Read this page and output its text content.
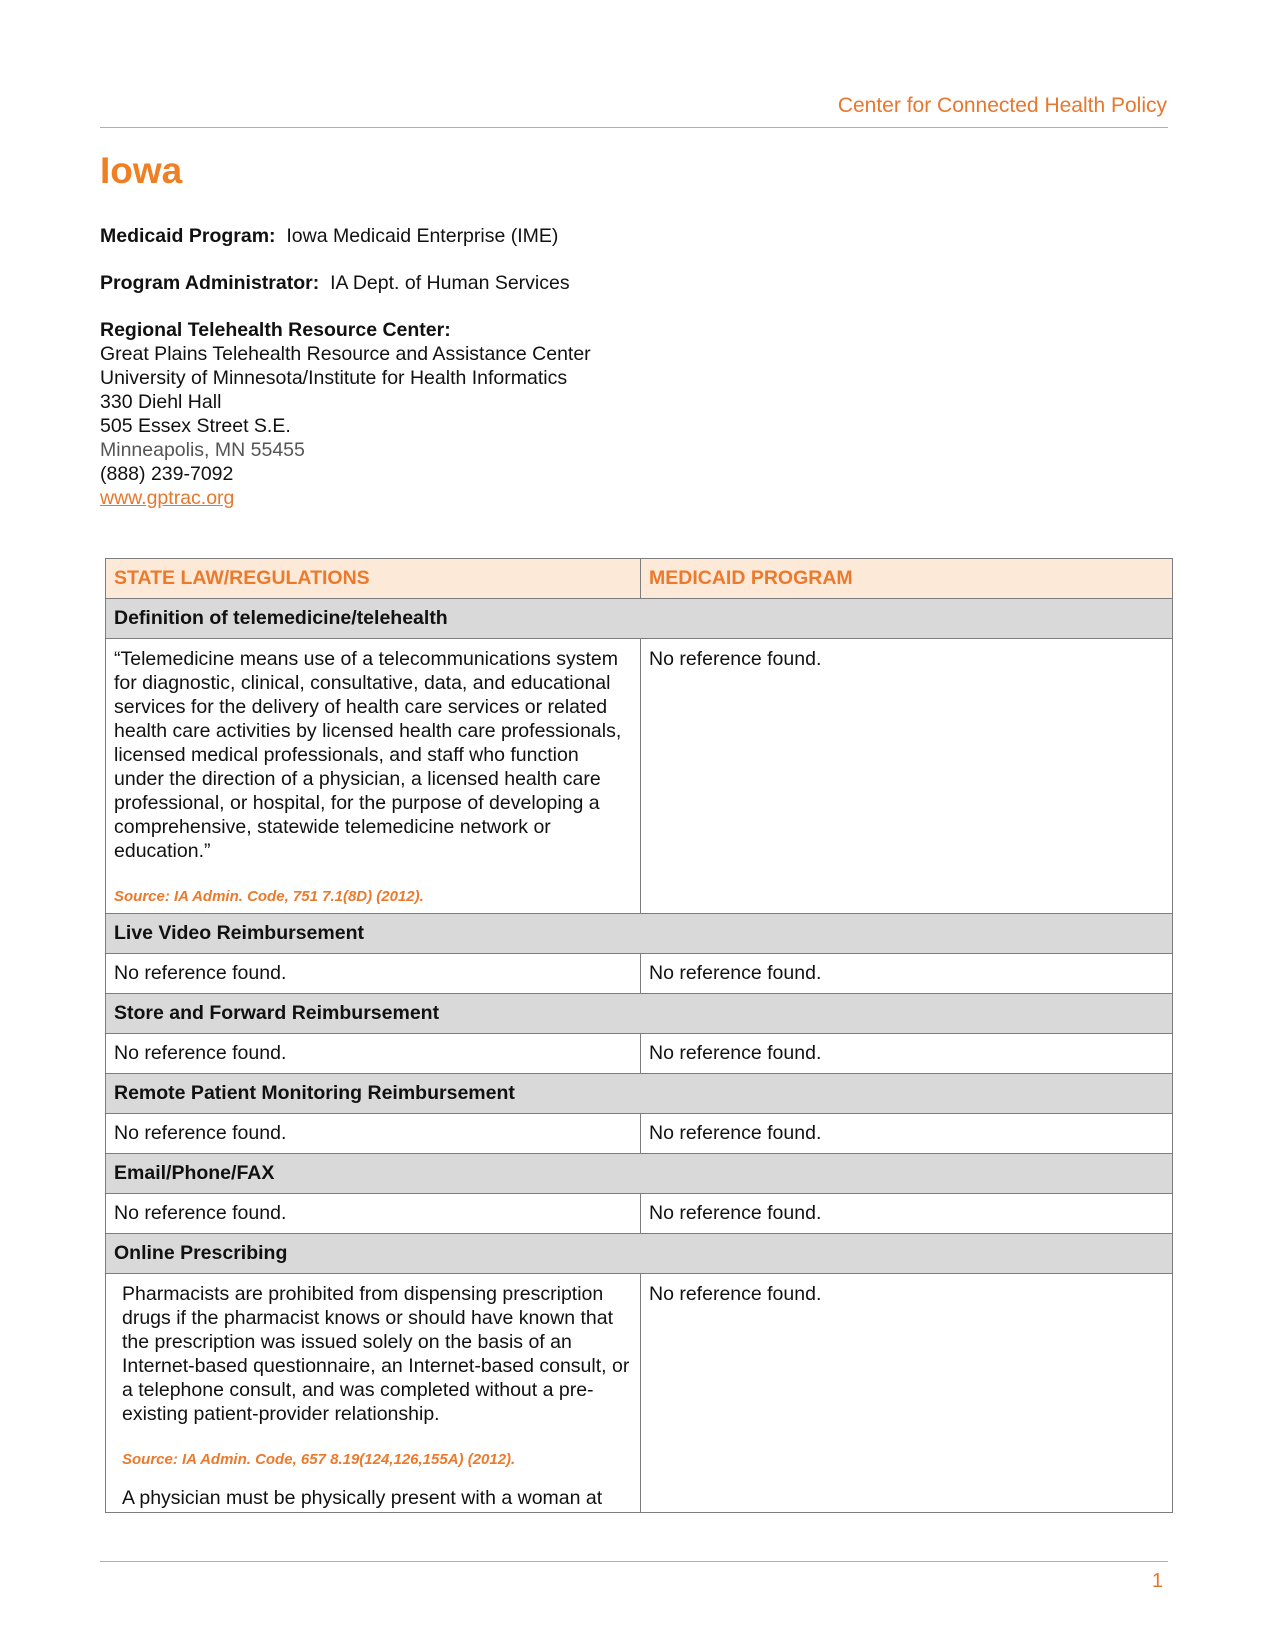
Center for Connected Health Policy
Iowa
Medicaid Program: Iowa Medicaid Enterprise (IME)
Program Administrator: IA Dept. of Human Services
Regional Telehealth Resource Center:
Great Plains Telehealth Resource and Assistance Center
University of Minnesota/Institute for Health Informatics
330 Diehl Hall
505 Essex Street S.E.
Minneapolis, MN 55455
(888) 239-7092
www.gptrac.org
STATE LAW/REGULATIONS	MEDICAID PROGRAM
Definition of telemedicine/telehealth	

“Telemedicine means use of a telecommunications system for diagnostic, clinical, consultative, data, and educational services for the delivery of health care services or related health care activities by licensed health care professionals, licensed medical professionals, and staff who function under the direction of a physician, a licensed health care professional, or hospital, for the purpose of developing a comprehensive, statewide telemedicine network or education.”
Source: IA Admin. Code, 751 7.1(8D) (2012).	No reference found.
Live Video Reimbursement	
No reference found.	No reference found.
Store and Forward Reimbursement	
No reference found.	No reference found.
Remote Patient Monitoring Reimbursement	
No reference found.	No reference found.
Email/Phone/FAX	
No reference found.	No reference found.
Online Prescribing	

Pharmacists are prohibited from dispensing prescription drugs if the pharmacist knows or should have known that the prescription was issued solely on the basis of an Internet-based questionnaire, an Internet-based consult, or a telephone consult, and was completed without a pre-existing patient-provider relationship.
Source: IA Admin. Code, 657 8.19(124,126,155A) (2012).
A physician must be physically present with a woman at	No reference found.
1
